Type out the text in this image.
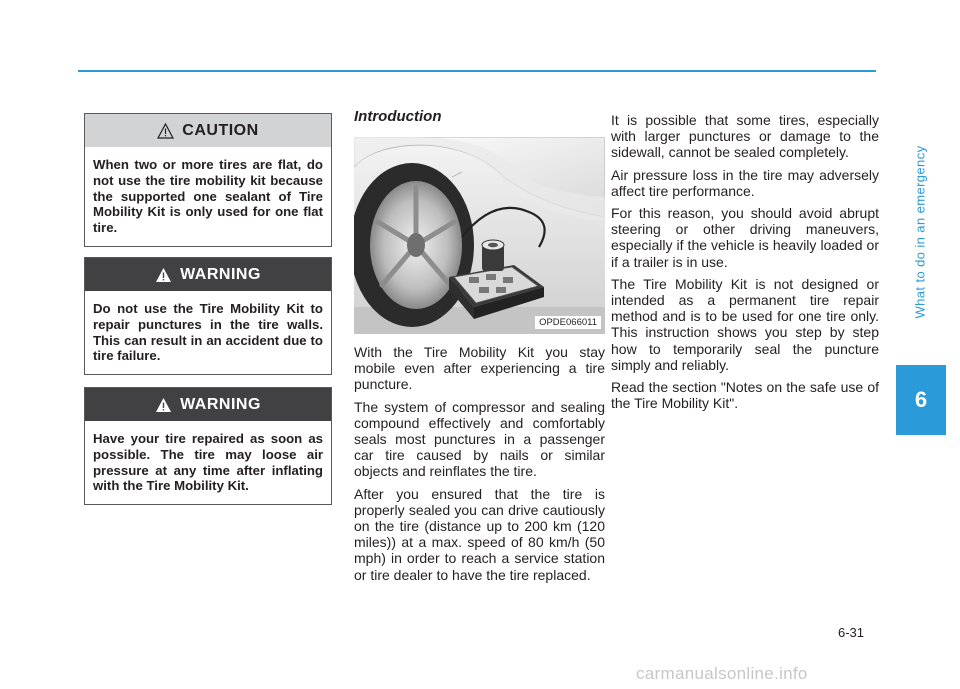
What to do in an emergency
6
CAUTION
When two or more tires are flat, do not use the tire mobility kit because the supported one sealant of Tire Mobility Kit is only used for one flat tire.
WARNING
Do not use the Tire Mobility Kit to repair punctures in the tire walls. This can result in an accident due to tire failure.
WARNING
Have your tire repaired as soon as possible. The tire may loose air pressure at any time after inflating with the Tire Mobility Kit.
Introduction
OPDE066011

With the Tire Mobility Kit you stay mobile even after experiencing a tire puncture.

The system of compressor and sealing compound effectively and comfortably seals most punctures in a passenger car tire caused by nails or similar objects and reinflates the tire.

After you ensured that the tire is properly sealed you can drive cautiously on the tire (distance up to 200 km (120 miles)) at a max. speed of 80 km/h (50 mph) in order to reach a service station or tire dealer to have the tire replaced.

It is possible that some tires, especially with larger punctures or damage to the sidewall, cannot be sealed completely.

Air pressure loss in the tire may adversely affect tire performance.

For this reason, you should avoid abrupt steering or other driving maneuvers, especially if the vehicle is heavily loaded or if a trailer is in use.

The Tire Mobility Kit is not designed or intended as a permanent tire repair method and is to be used for one tire only. This instruction shows you step by step how to temporarily seal the puncture simply and reliably.

Read the section "Notes on the safe use of the Tire Mobility Kit".

6-31
carmanualsonline.info
